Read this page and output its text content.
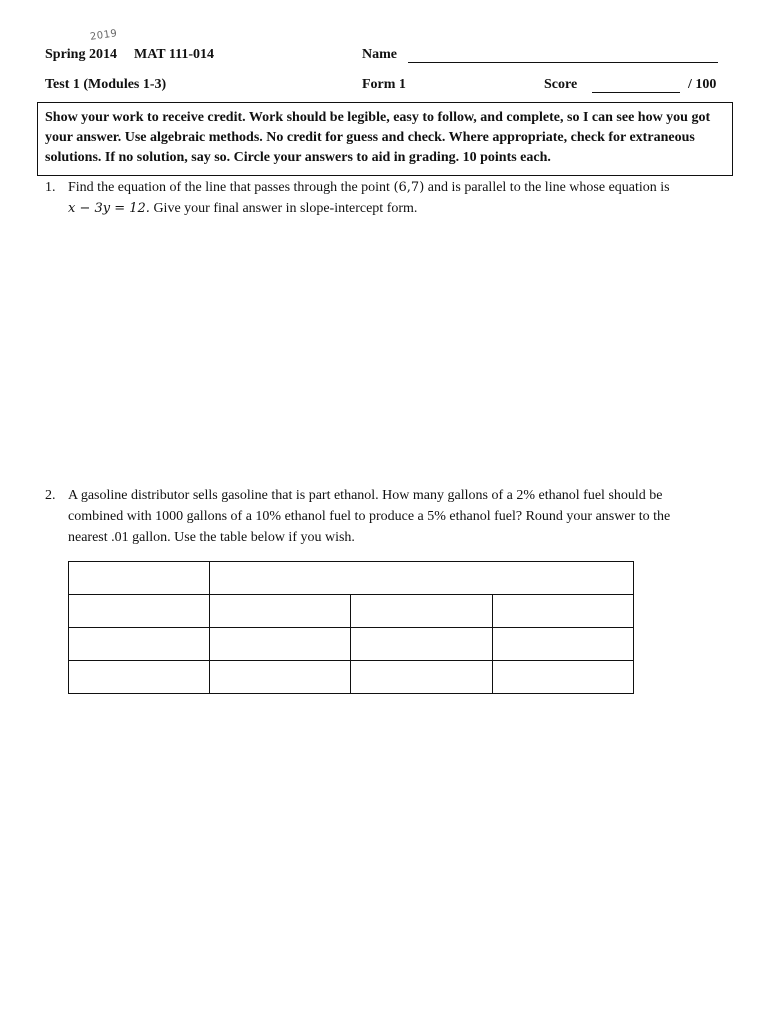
Spring 2014
2019
MAT 111-014	Name
Test 1 (Modules 1-3)	Form 1	Score	/ 100
Show your work to receive credit. Work should be legible, easy to follow, and complete, so I can see how you got your answer. Use algebraic methods. No credit for guess and check. Where appropriate, check for extraneous solutions. If no solution, say so. Circle your answers to aid in grading. 10 points each.
1. Find the equation of the line that passes through the point (6,7) and is parallel to the line whose equation is
x − 3y = 12. Give your final answer in slope-intercept form.
2. A gasoline distributor sells gasoline that is part ethanol. How many gallons of a 2% ethanol fuel should be
combined with 1000 gallons of a 10% ethanol fuel to produce a 5% ethanol fuel? Round your answer to the
nearest .01 gallon. Use the table below if you wish.
